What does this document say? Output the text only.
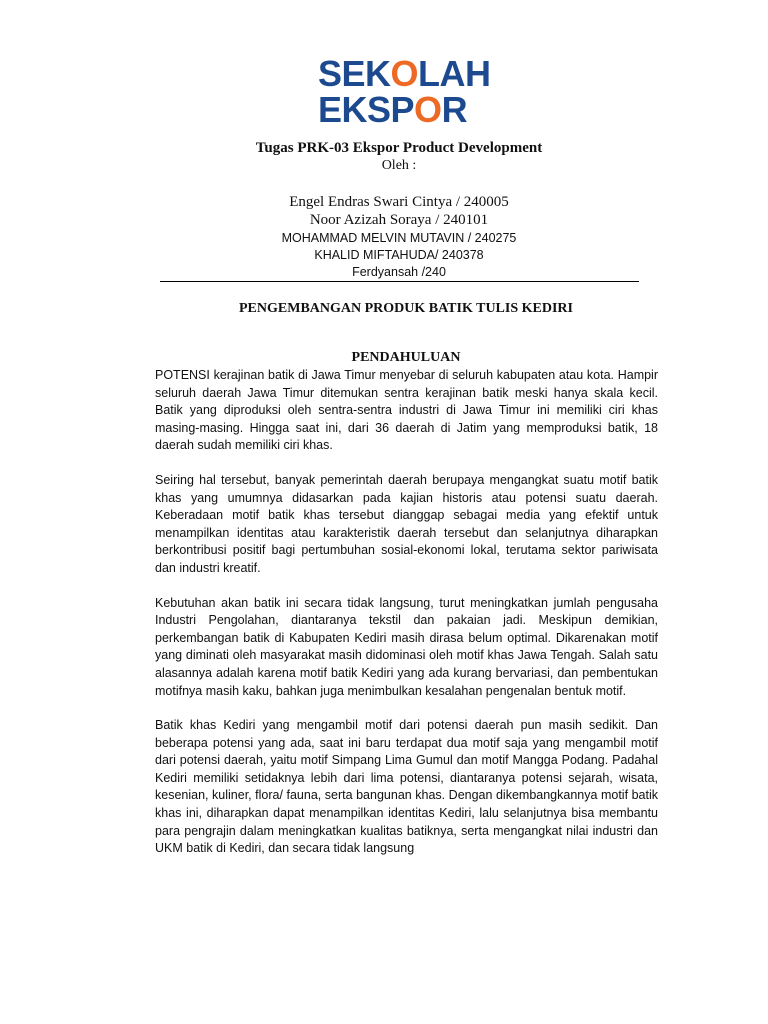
SEKOLAH
EKSPOR
Tugas PRK-03 Ekspor Product Development
Oleh :
Engel Endras Swari Cintya / 240005
Noor Azizah Soraya / 240101
MOHAMMAD MELVIN MUTAVIN / 240275
KHALID MIFTAHUDA/ 240378
Ferdyansah /240
PENGEMBANGAN PRODUK BATIK TULIS KEDIRI
PENDAHULUAN

POTENSI kerajinan batik di Jawa Timur menyebar di seluruh kabupaten atau kota. Hampir seluruh daerah Jawa Timur ditemukan sentra kerajinan batik meski hanya skala kecil. Batik yang diproduksi oleh sentra-sentra industri di Jawa Timur ini memiliki ciri khas masing-masing. Hingga saat ini, dari 36 daerah di Jatim yang memproduksi batik, 18 daerah sudah memiliki ciri khas.

Seiring hal tersebut, banyak pemerintah daerah berupaya mengangkat suatu motif batik khas yang umumnya didasarkan pada kajian historis atau potensi suatu daerah. Keberadaan motif batik khas tersebut dianggap sebagai media yang efektif untuk menampilkan identitas atau karakteristik daerah tersebut dan selanjutnya diharapkan berkontribusi positif bagi pertumbuhan sosial-ekonomi lokal, terutama sektor pariwisata dan industri kreatif.

Kebutuhan akan batik ini secara tidak langsung, turut meningkatkan jumlah pengusaha Industri Pengolahan, diantaranya tekstil dan pakaian jadi. Meskipun demikian, perkembangan batik di Kabupaten Kediri masih dirasa belum optimal. Dikarenakan motif yang diminati oleh masyarakat masih didominasi oleh motif khas Jawa Tengah. Salah satu alasannya adalah karena motif batik Kediri yang ada kurang bervariasi, dan pembentukan motifnya masih kaku, bahkan juga menimbulkan kesalahan pengenalan bentuk motif.

Batik khas Kediri yang mengambil motif dari potensi daerah pun masih sedikit. Dan beberapa potensi yang ada, saat ini baru terdapat dua motif saja yang mengambil motif dari potensi daerah, yaitu motif Simpang Lima Gumul dan motif Mangga Podang. Padahal Kediri memiliki setidaknya lebih dari lima potensi, diantaranya potensi sejarah, wisata, kesenian, kuliner, flora/ fauna, serta bangunan khas. Dengan dikembangkannya motif batik khas ini, diharapkan dapat menampilkan identitas Kediri, lalu selanjutnya bisa membantu para pengrajin dalam meningkatkan kualitas batiknya, serta mengangkat nilai industri dan UKM batik di Kediri, dan secara tidak langsung
